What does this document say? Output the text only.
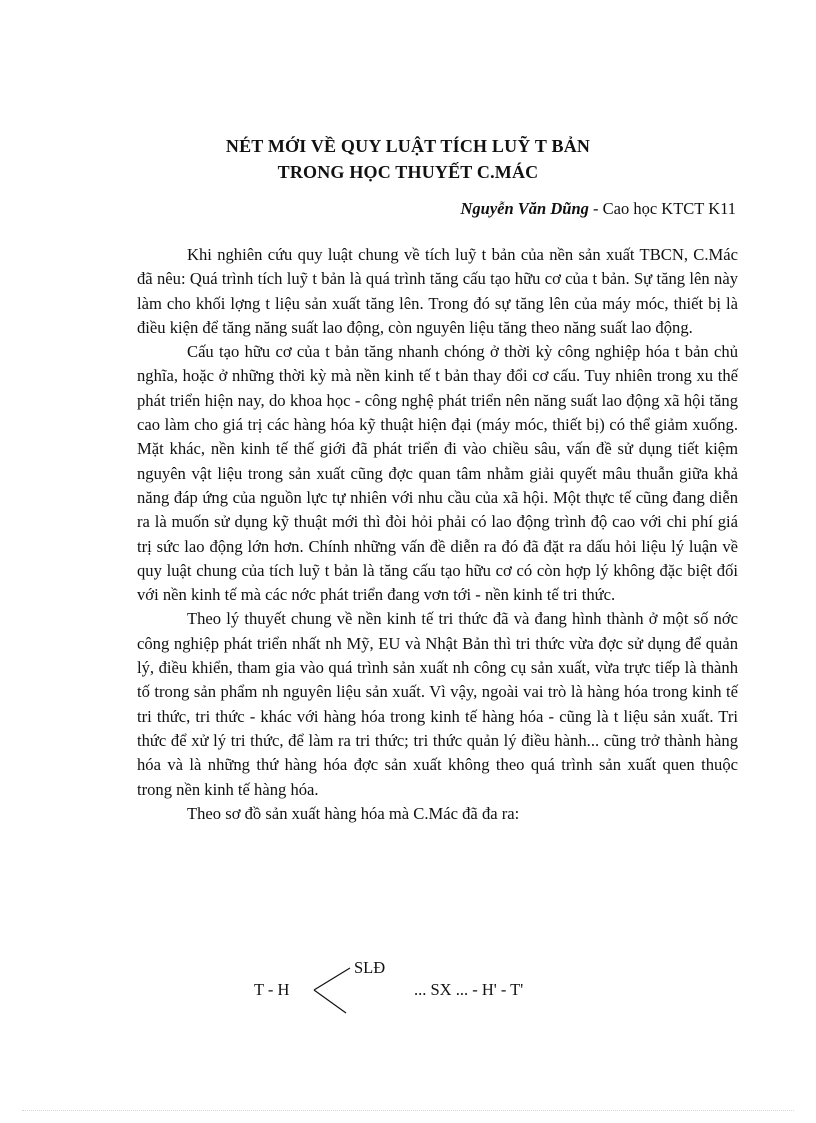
NÉT MỚI VỀ QUY LUẬT TÍCH LUỸ T BẢN
TRONG HỌC THUYẾT C.MÁC
Nguyễn Văn Dũng - Cao học KTCT K11

Khi nghiên cứu quy luật chung về tích luỹ t bản của nền sản xuất TBCN, C.Mác đã nêu: Quá trình tích luỹ t bản là quá trình tăng cấu tạo hữu cơ của t bản. Sự tăng lên này làm cho khối lợng t liệu sản xuất tăng lên. Trong đó sự tăng lên của máy móc, thiết bị là điều kiện để tăng năng suất lao động, còn nguyên liệu tăng theo năng suất lao động.

Cấu tạo hữu cơ của t bản tăng nhanh chóng ở thời kỳ công nghiệp hóa t bản chủ nghĩa, hoặc ở những thời kỳ mà nền kinh tế t bản thay đổi cơ cấu. Tuy nhiên trong xu thế phát triển hiện nay, do khoa học - công nghệ phát triển nên năng suất lao động xã hội tăng cao làm cho giá trị các hàng hóa kỹ thuật hiện đại (máy móc, thiết bị) có thể giảm xuống. Mặt khác, nền kinh tế thế giới đã phát triển đi vào chiều sâu, vấn đề sử dụng tiết kiệm nguyên vật liệu trong sản xuất cũng đợc quan tâm nhằm giải quyết mâu thuẫn giữa khả năng đáp ứng của nguồn lực tự nhiên với nhu cầu của xã hội. Một thực tế cũng đang diễn ra là muốn sử dụng kỹ thuật mới thì đòi hỏi phải có lao động trình độ cao với chi phí giá trị sức lao động lớn hơn. Chính những vấn đề diễn ra đó đã đặt ra dấu hỏi liệu lý luận về quy luật chung của tích luỹ t bản là tăng cấu tạo hữu cơ có còn hợp lý không đặc biệt đối với nền kinh tế mà các nớc phát triển đang vơn tới - nền kinh tế tri thức.

Theo lý thuyết chung về nền kinh tế tri thức đã và đang hình thành ở một số nớc công nghiệp phát triển nhất nh Mỹ, EU và Nhật Bản thì tri thức vừa đợc sử dụng để quản lý, điều khiển, tham gia vào quá trình sản xuất nh công cụ sản xuất, vừa trực tiếp là thành tố trong sản phẩm nh nguyên liệu sản xuất. Vì vậy, ngoài vai trò là hàng hóa trong kinh tế tri thức, tri thức - khác với hàng hóa trong kinh tế hàng hóa - cũng là t liệu sản xuất. Tri thức để xử lý tri thức, để làm ra tri thức; tri thức quản lý điều hành... cũng trở thành hàng hóa và là những thứ hàng hóa đợc sản xuất không theo quá trình sản xuất quen thuộc trong nền kinh tế hàng hóa.

Theo sơ đồ sản xuất hàng hóa mà C.Mác đã đa ra:

T - H
SLĐ
... SX ... - H' - T'
